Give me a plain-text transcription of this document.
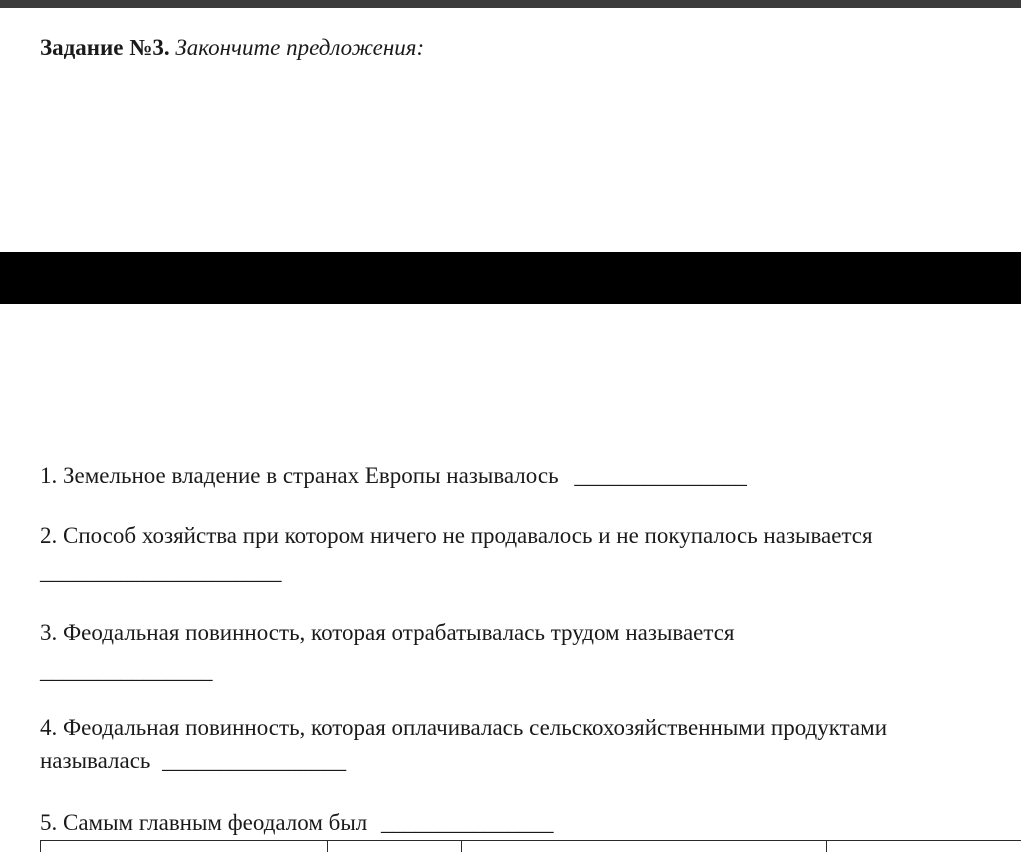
Задание №3. Закончите предложения:
1. Земельное владение в странах Европы называлось _______________
2. Способ хозяйства при котором ничего не продавалось и не покупалось называется
_____________________
3. Феодальная повинность, которая отрабатывалась трудом называется
_______________
4. Феодальная повинность, которая оплачивалась сельскохозяйственными продуктами
называлась ________________
5. Самым главным феодалом был _______________
